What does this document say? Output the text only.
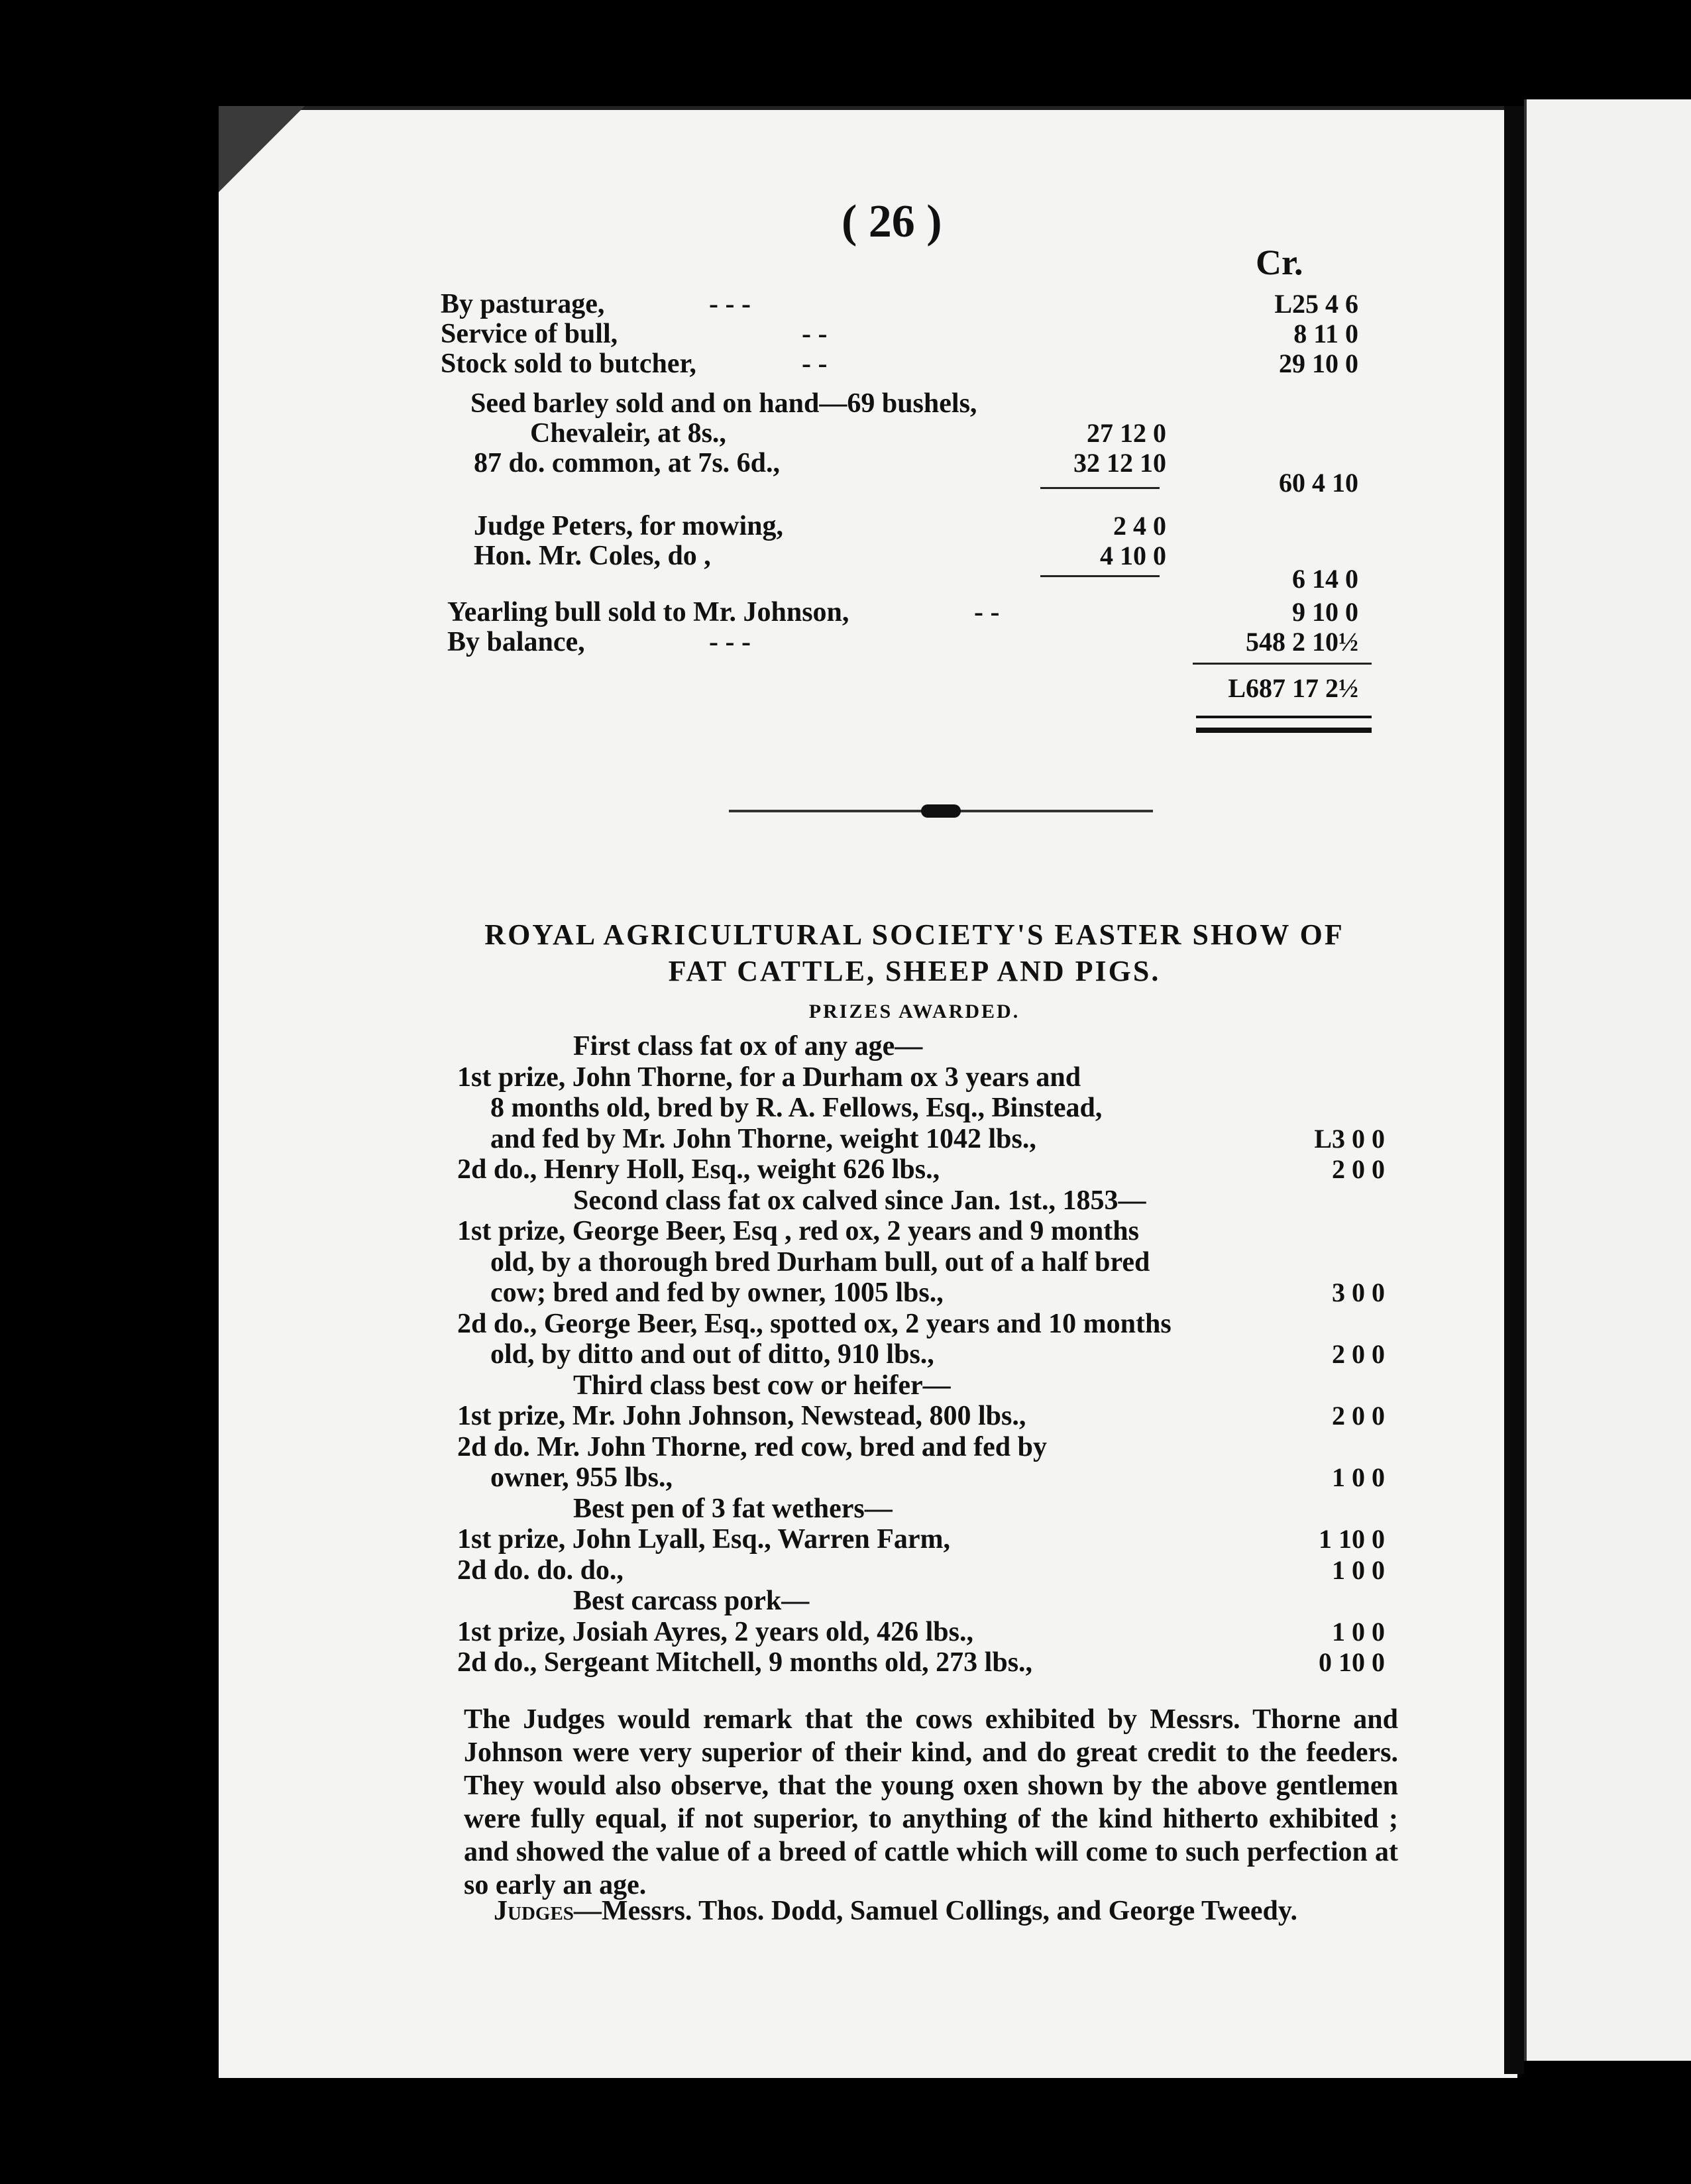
( 26 )
Cr.
By pasturage,	- - -	L25 4 6
Service of bull,	- -	8 11 0
Stock sold to butcher,	- -	29 10 0
Seed barley sold and on hand—69 bushels,
Chevaleir, at 8s.,	27 12 0
87 do. common, at 7s. 6d.,	32 12 10
60 4 10
Judge Peters, for mowing,	2 4 0
Hon. Mr. Coles, do ,	4 10 0
6 14 0
Yearling bull sold to Mr. Johnson,	- -	9 10 0
By balance,	- - -	548 2 10½
L687 17 2½
ROYAL AGRICULTURAL SOCIETY'S EASTER SHOW OF
FAT CATTLE, SHEEP AND PIGS.
PRIZES AWARDED.
First class fat ox of any age—
1st prize, John Thorne, for a Durham ox 3 years and
8 months old, bred by R. A. Fellows, Esq., Binstead,
and fed by Mr. John Thorne, weight 1042 lbs.,	L3 0 0
2d do., Henry Holl, Esq., weight 626 lbs.,	2 0 0
Second class fat ox calved since Jan. 1st., 1853—
1st prize, George Beer, Esq , red ox, 2 years and 9 months
old, by a thorough bred Durham bull, out of a half bred
cow; bred and fed by owner, 1005 lbs.,	3 0 0
2d do., George Beer, Esq., spotted ox, 2 years and 10 months
old, by ditto and out of ditto, 910 lbs.,	2 0 0
Third class best cow or heifer—
1st prize, Mr. John Johnson, Newstead, 800 lbs.,	2 0 0
2d do. Mr. John Thorne, red cow, bred and fed by
owner, 955 lbs.,	1 0 0
Best pen of 3 fat wethers—
1st prize, John Lyall, Esq., Warren Farm,	1 10 0
2d do. do. do.,	1 0 0
Best carcass pork—
1st prize, Josiah Ayres, 2 years old, 426 lbs.,	1 0 0
2d do., Sergeant Mitchell, 9 months old, 273 lbs.,	0 10 0
The Judges would remark that the cows exhibited by Messrs. Thorne and Johnson were very superior of their kind, and do great credit to the feeders. They would also observe, that the young oxen shown by the above gentlemen were fully equal, if not superior, to anything of the kind hitherto exhibited ; and showed the value of a breed of cattle which will come to such perfection at so early an age.
Judges—Messrs. Thos. Dodd, Samuel Collings, and George Tweedy.
